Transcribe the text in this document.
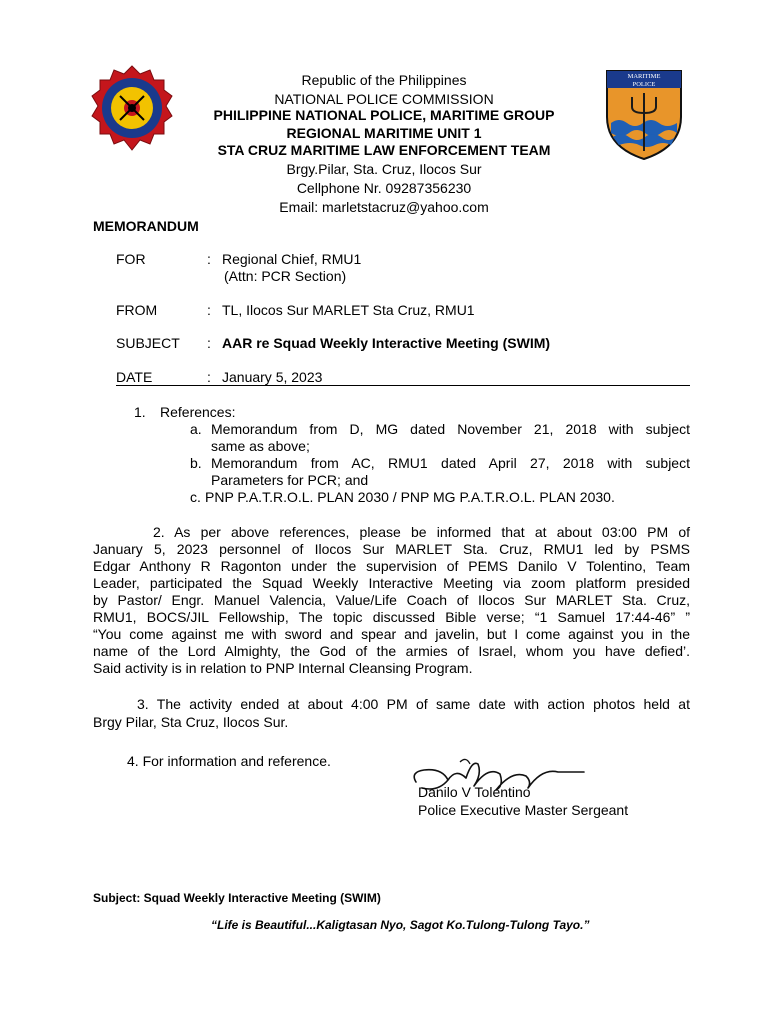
MARITIME
POLICE
Republic of the Philippines
NATIONAL POLICE COMMISSION
PHILIPPINE NATIONAL POLICE, MARITIME GROUP
REGIONAL MARITIME UNIT 1
STA CRUZ MARITIME LAW ENFORCEMENT TEAM
Brgy.Pilar, Sta. Cruz, Ilocos Sur
Cellphone Nr. 09287356230
Email: marletstacruz@yahoo.com
MEMORANDUM
FOR	: Regional Chief, RMU1
(Attn: PCR Section)
FROM	: TL, Ilocos Sur MARLET Sta Cruz, RMU1
SUBJECT : AAR re Squad Weekly Interactive Meeting (SWIM)
DATE	: January 5, 2023
1. References:
a. Memorandum from D, MG dated November 21, 2018 with subject
same as above;
b. Memorandum from AC, RMU1 dated April 27, 2018 with subject
Parameters for PCR; and
c. PNP P.A.T.R.O.L. PLAN 2030 / PNP MG P.A.T.R.O.L. PLAN 2030.
2. As per above references, please be informed that at about 03:00 PM of
January 5, 2023 personnel of Ilocos Sur MARLET Sta. Cruz, RMU1 led by PSMS
Edgar Anthony R Ragonton under the supervision of PEMS Danilo V Tolentino, Team
Leader, participated the Squad Weekly Interactive Meeting via zoom platform presided
by Pastor/ Engr. Manuel Valencia, Value/Life Coach of Ilocos Sur MARLET Sta. Cruz,
RMU1, BOCS/JIL Fellowship, The topic discussed Bible verse; “1 Samuel 17:44-46” ”
“You come against me with sword and spear and javelin, but I come against you in the
name of the Lord Almighty, the God of the armies of Israel, whom you have defied’.
Said activity is in relation to PNP Internal Cleansing Program.
3. The activity ended at about 4:00 PM of same date with action photos held at
Brgy Pilar, Sta Cruz, Ilocos Sur.
4. For information and reference.
Danilo V Tolentino
Police Executive Master Sergeant
Subject: Squad Weekly Interactive Meeting (SWIM)
“Life is Beautiful...Kaligtasan Nyo, Sagot Ko.Tulong-Tulong Tayo.”
